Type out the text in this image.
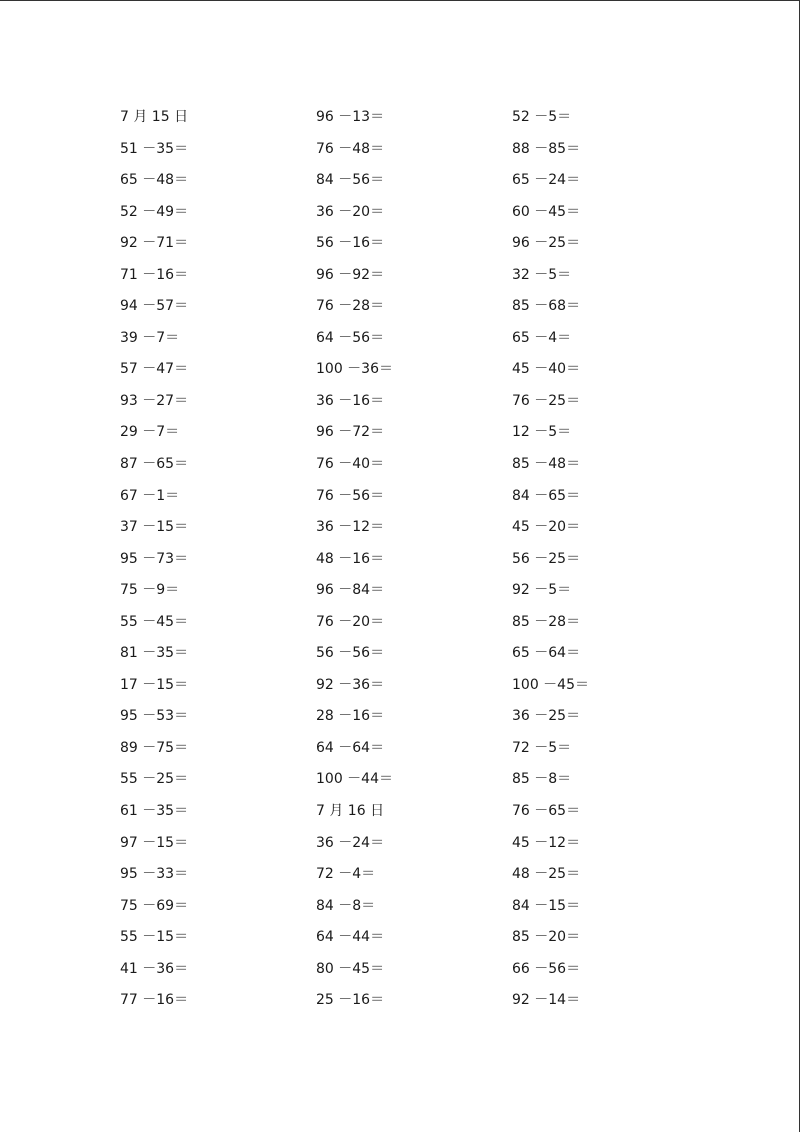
7 月 15 日
51 －35＝
65 －48＝
52 －49＝
92 －71＝
71 －16＝
94 －57＝
39 －7＝
57 －47＝
93 －27＝
29 －7＝
87 －65＝
67 －1＝
37 －15＝
95 －73＝
75 －9＝
55 －45＝
81 －35＝
17 －15＝
95 －53＝
89 －75＝
55 －25＝
61 －35＝
97 －15＝
95 －33＝
75 －69＝
55 －15＝
41 －36＝
77 －16＝
96 －13＝
76 －48＝
84 －56＝
36 －20＝
56 －16＝
96 －92＝
76 －28＝
64 －56＝
100 －36＝
36 －16＝
96 －72＝
76 －40＝
76 －56＝
36 －12＝
48 －16＝
96 －84＝
76 －20＝
56 －56＝
92 －36＝
28 －16＝
64 －64＝
100 －44＝
7 月 16 日
36 －24＝
72 －4＝
84 －8＝
64 －44＝
80 －45＝
25 －16＝
52 －5＝
88 －85＝
65 －24＝
60 －45＝
96 －25＝
32 －5＝
85 －68＝
65 －4＝
45 －40＝
76 －25＝
12 －5＝
85 －48＝
84 －65＝
45 －20＝
56 －25＝
92 －5＝
85 －28＝
65 －64＝
100 －45＝
36 －25＝
72 －5＝
85 －8＝
76 －65＝
45 －12＝
48 －25＝
84 －15＝
85 －20＝
66 －56＝
92 －14＝
